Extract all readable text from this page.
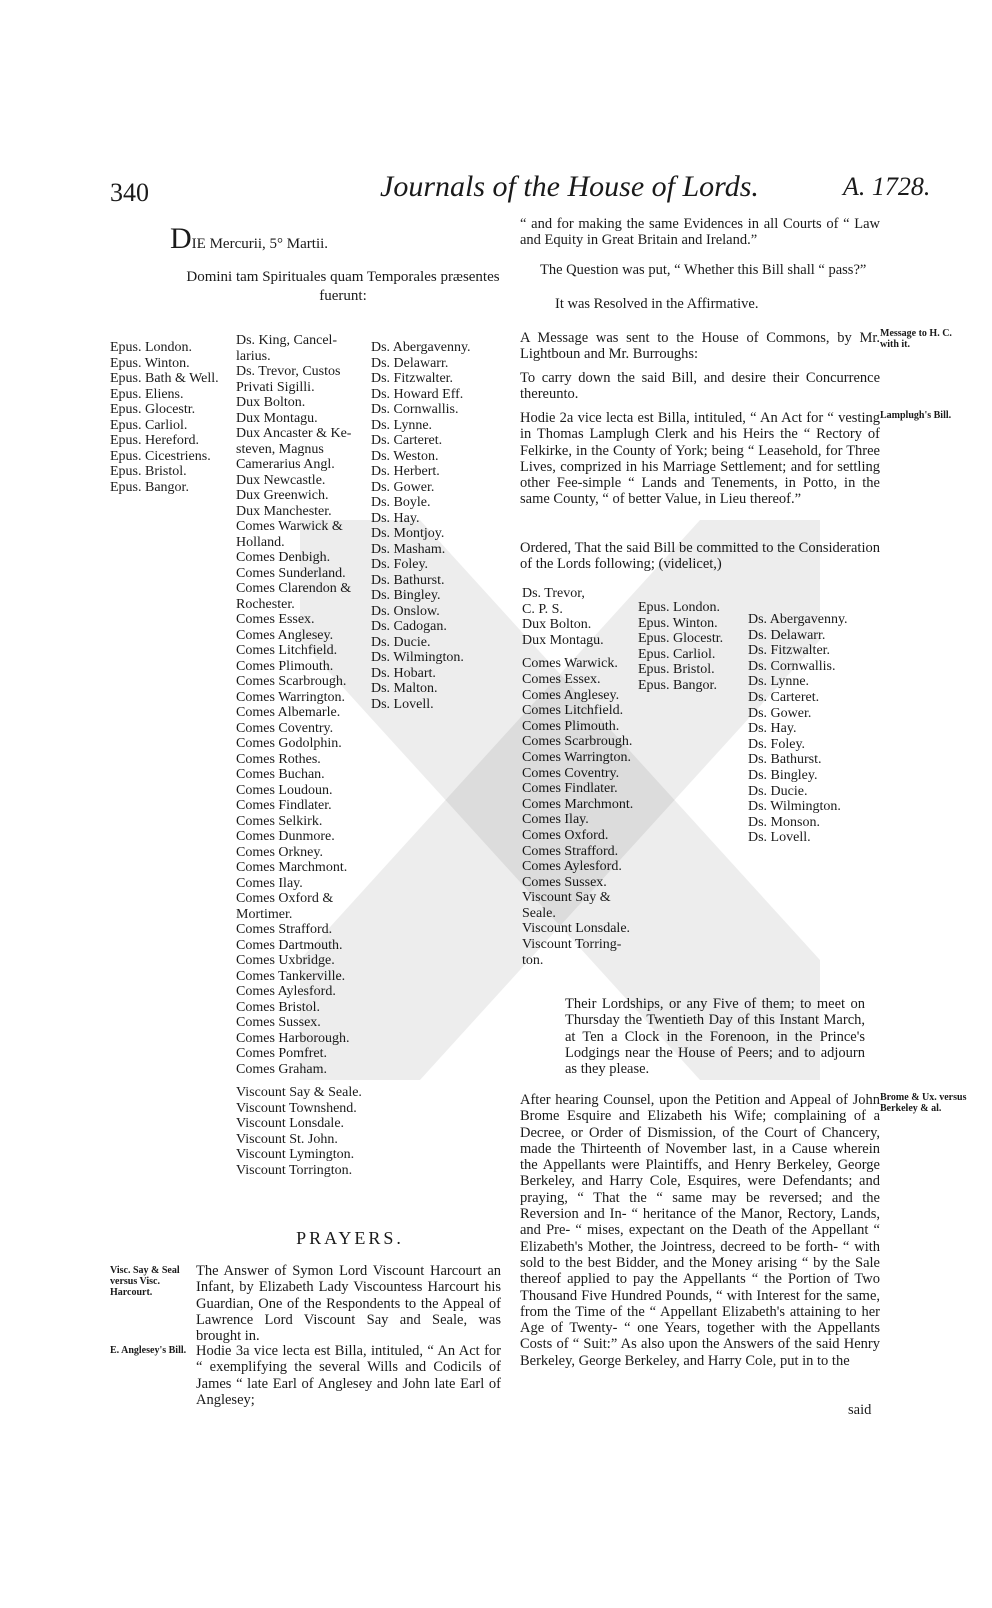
340	Journals of the House of Lords.	A. 1728.
DIE Mercurii, 5° Martii.
Domini tam Spirituales quam Temporales præsentes fuerunt:
Epus. London.
Epus. Winton.
Epus. Bath & Well.
Epus. Eliens.
Epus. Glocestr.
Epus. Carliol.
Epus. Hereford.
Epus. Cicestriens.
Epus. Bristol.
Epus. Bangor.
Ds. King, Cancel-
larius.
Ds. Trevor, Custos
Privati Sigilli.
Dux Bolton.
Dux Montagu.
Dux Ancaster & Ke-
steven, Magnus
Camerarius Angl.
Dux Newcastle.
Dux Greenwich.
Dux Manchester.
Comes Warwick &
Holland.
Comes Denbigh.
Comes Sunderland.
Comes Clarendon &
Rochester.
Comes Essex.
Comes Anglesey.
Comes Litchfield.
Comes Plimouth.
Comes Scarbrough.
Comes Warrington.
Comes Albemarle.
Comes Coventry.
Comes Godolphin.
Comes Rothes.
Comes Buchan.
Comes Loudoun.
Comes Findlater.
Comes Selkirk.
Comes Dunmore.
Comes Orkney.
Comes Marchmont.
Comes Ilay.
Comes Oxford &
Mortimer.
Comes Strafford.
Comes Dartmouth.
Comes Uxbridge.
Comes Tankerville.
Comes Aylesford.
Comes Bristol.
Comes Sussex.
Comes Harborough.
Comes Pomfret.
Comes Graham.
Viscount Say & Seale.
Viscount Townshend.
Viscount Lonsdale.
Viscount St. John.
Viscount Lymington.
Viscount Torrington.
Ds. Abergavenny.
Ds. Delawarr.
Ds. Fitzwalter.
Ds. Howard Eff.
Ds. Cornwallis.
Ds. Lynne.
Ds. Carteret.
Ds. Weston.
Ds. Herbert.
Ds. Gower.
Ds. Boyle.
Ds. Hay.
Ds. Montjoy.
Ds. Masham.
Ds. Foley.
Ds. Bathurst.
Ds. Bingley.
Ds. Onslow.
Ds. Cadogan.
Ds. Ducie.
Ds. Wilmington.
Ds. Hobart.
Ds. Malton.
Ds. Lovell.
PRAYERS.
Visc. Say & Seal versus Visc. Harcourt.
The Answer of Symon Lord Viscount Harcourt an Infant, by Elizabeth Lady Viscountess Harcourt his Guardian, One of the Respondents to the Appeal of Lawrence Lord Viscount Say and Seale, was brought in.
E. Anglesey's Bill. Hodie 3a vice lecta est Billa, intituled, “ An Act for “ exemplifying the several Wills and Codicils of James “ late Earl of Anglesey and John late Earl of Anglesey;
“ and for making the same Evidences in all Courts of “ Law and Equity in Great Britain and Ireland.”
The Question was put, “ Whether this Bill shall “ pass?”
It was Resolved in the Affirmative.
A Message was sent to the House of Commons, by Mr. Lightboun and Mr. Burroughs:
Message to H. C. with it.
To carry down the said Bill, and desire their Concurrence thereunto.
Hodie 2a vice lecta est Billa, intituled, “ An Act for “ vesting in Thomas Lamplugh Clerk and his Heirs the “ Rectory of Felkirke, in the County of York; being “ Leasehold, for Three Lives, comprized in his Marriage Settlement; and for settling other Fee-simple “ Lands and Tenements, in Potto, in the same County, “ of better Value, in Lieu thereof.”
Lamplugh's Bill.
Ordered, That the said Bill be committed to the Consideration of the Lords following; (videlicet,)
Ds. Trevor,
C. P. S.
Dux Bolton.
Dux Montagu.
Comes Warwick.
Comes Essex.
Comes Anglesey.
Comes Litchfield.
Comes Plimouth.
Comes Scarbrough.
Comes Warrington.
Comes Coventry.
Comes Findlater.
Comes Marchmont.
Comes Ilay.
Comes Oxford.
Comes Strafford.
Comes Aylesford.
Comes Sussex.
Viscount Say &
Seale.
Viscount Lonsdale.
Viscount Torring-
ton.
Epus. London.
Epus. Winton.
Epus. Glocestr.
Epus. Carliol.
Epus. Bristol.
Epus. Bangor.
Ds. Abergavenny.
Ds. Delawarr.
Ds. Fitzwalter.
Ds. Cornwallis.
Ds. Lynne.
Ds. Carteret.
Ds. Gower.
Ds. Hay.
Ds. Foley.
Ds. Bathurst.
Ds. Bingley.
Ds. Ducie.
Ds. Wilmington.
Ds. Monson.
Ds. Lovell.
Their Lordships, or any Five of them; to meet on Thursday the Twentieth Day of this Instant March, at Ten a Clock in the Forenoon, in the Prince's Lodgings near the House of Peers; and to adjourn as they please.
After hearing Counsel, upon the Petition and Appeal of John Brome Esquire and Elizabeth his Wife; complaining of a Decree, or Order of Dismission, of the Court of Chancery, made the Thirteenth of November last, in a Cause wherein the Appellants were Plaintiffs, and Henry Berkeley, George Berkeley, and Harry Cole, Esquires, were Defendants; and praying, “ That the “ same may be reversed; and the Reversion and In- “ heritance of the Manor, Rectory, Lands, and Pre- “ mises, expectant on the Death of the Appellant “ Elizabeth's Mother, the Jointress, decreed to be forth- “ with sold to the best Bidder, and the Money arising “ by the Sale thereof applied to pay the Appellants “ the Portion of Two Thousand Five Hundred Pounds, “ with Interest for the same, from the Time of the “ Appellant Elizabeth's attaining to her Age of Twenty- “ one Years, together with the Appellants Costs of “ Suit:” As also upon the Answers of the said Henry Berkeley, George Berkeley, and Harry Cole, put in to the
Brome & Ux. versus Berkeley & al.
said
